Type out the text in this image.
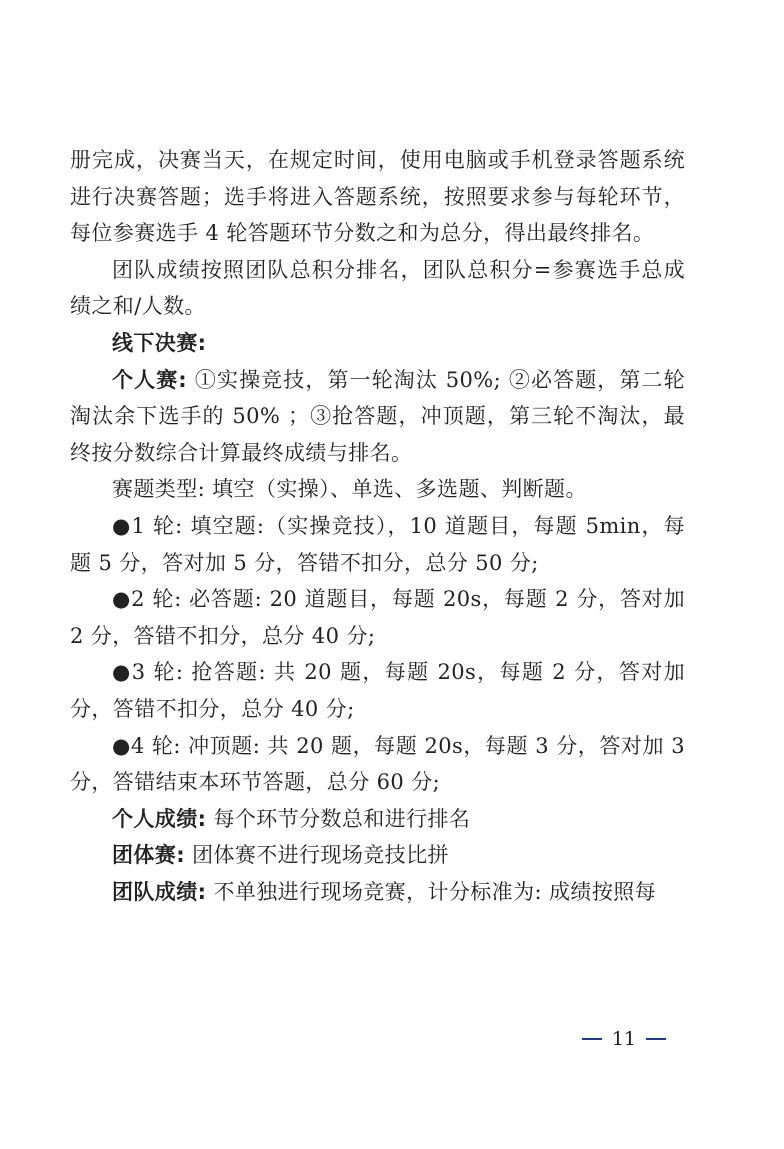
册完成，决赛当天，在规定时间，使用电脑或手机登录答题系统进行决赛答题；选手将进入答题系统，按照要求参与每轮环节，每位参赛选手 4 轮答题环节分数之和为总分，得出最终排名。

团队成绩按照团队总积分排名，团队总积分=参赛选手总成绩之和/人数。

线下决赛:

个人赛: ①实操竞技，第一轮淘汰 50%; ②必答题，第二轮淘汰余下选手的 50% ；③抢答题，冲顶题，第三轮不淘汰，最终按分数综合计算最终成绩与排名。

赛题类型: 填空（实操）、单选、多选题、判断题。

●1 轮: 填空题:（实操竞技），10 道题目，每题 5min，每题 5 分，答对加 5 分，答错不扣分，总分 50 分;

●2 轮: 必答题: 20 道题目，每题 20s，每题 2 分，答对加 2 分，答错不扣分，总分 40 分;

●3 轮: 抢答题: 共 20 题，每题 20s，每题 2 分，答对加分，答错不扣分，总分 40 分;

●4 轮: 冲顶题: 共 20 题，每题 20s，每题 3 分，答对加 3 分，答错结束本环节答题，总分 60 分;

个人成绩: 每个环节分数总和进行排名

团体赛: 团体赛不进行现场竞技比拼

团队成绩: 不单独进行现场竞赛，计分标准为: 成绩按照每

11
